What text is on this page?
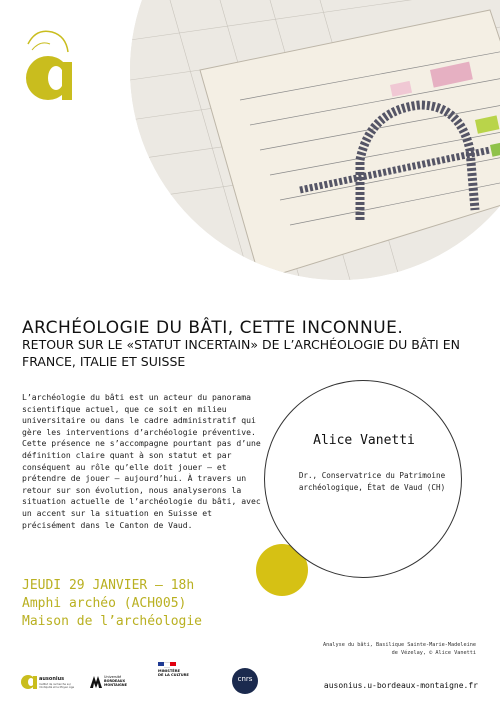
ARCHÉOLOGIE DU BÂTI, CETTE INCONNUE.
RETOUR SUR LE «STATUT INCERTAIN» DE L’ARCHÉOLOGIE DU BÂTI EN FRANCE, ITALIE ET SUISSE

L’archéologie du bâti est un acteur du panorama scientifique actuel, que ce soit en milieu universitaire ou dans le cadre administratif qui gère les interventions d’archéologie préventive.

Cette présence ne s’accompagne pourtant pas d’une définition claire quant à son statut et par conséquent au rôle qu’elle doit jouer – et prétendre de jouer – aujourd’hui. À travers un retour sur son évolution, nous analyserons la situation actuelle de l’archéologie du bâti, avec un accent sur la situation en Suisse et précisément dans le Canton de Vaud.

Alice Vanetti
Dr., Conservatrice du Patrimoine
archéologique, État de Vaud (CH)
JEUDI 29 JANVIER – 18h
Amphi archéo (ACH005)
Maison de l’archéologie
Analyse du bâti, Basilique Sainte-Marie-Madeleine
de Vézelay, © Alice Vanetti
ausonius.u-bordeaux-montaigne.fr
ausonius
Institut de recherche sur l'Antiquité et le Moyen Âge
Université
BORDEAUX
MONTAIGNE
MINISTÈRE
DE LA CULTURE	cnrs
